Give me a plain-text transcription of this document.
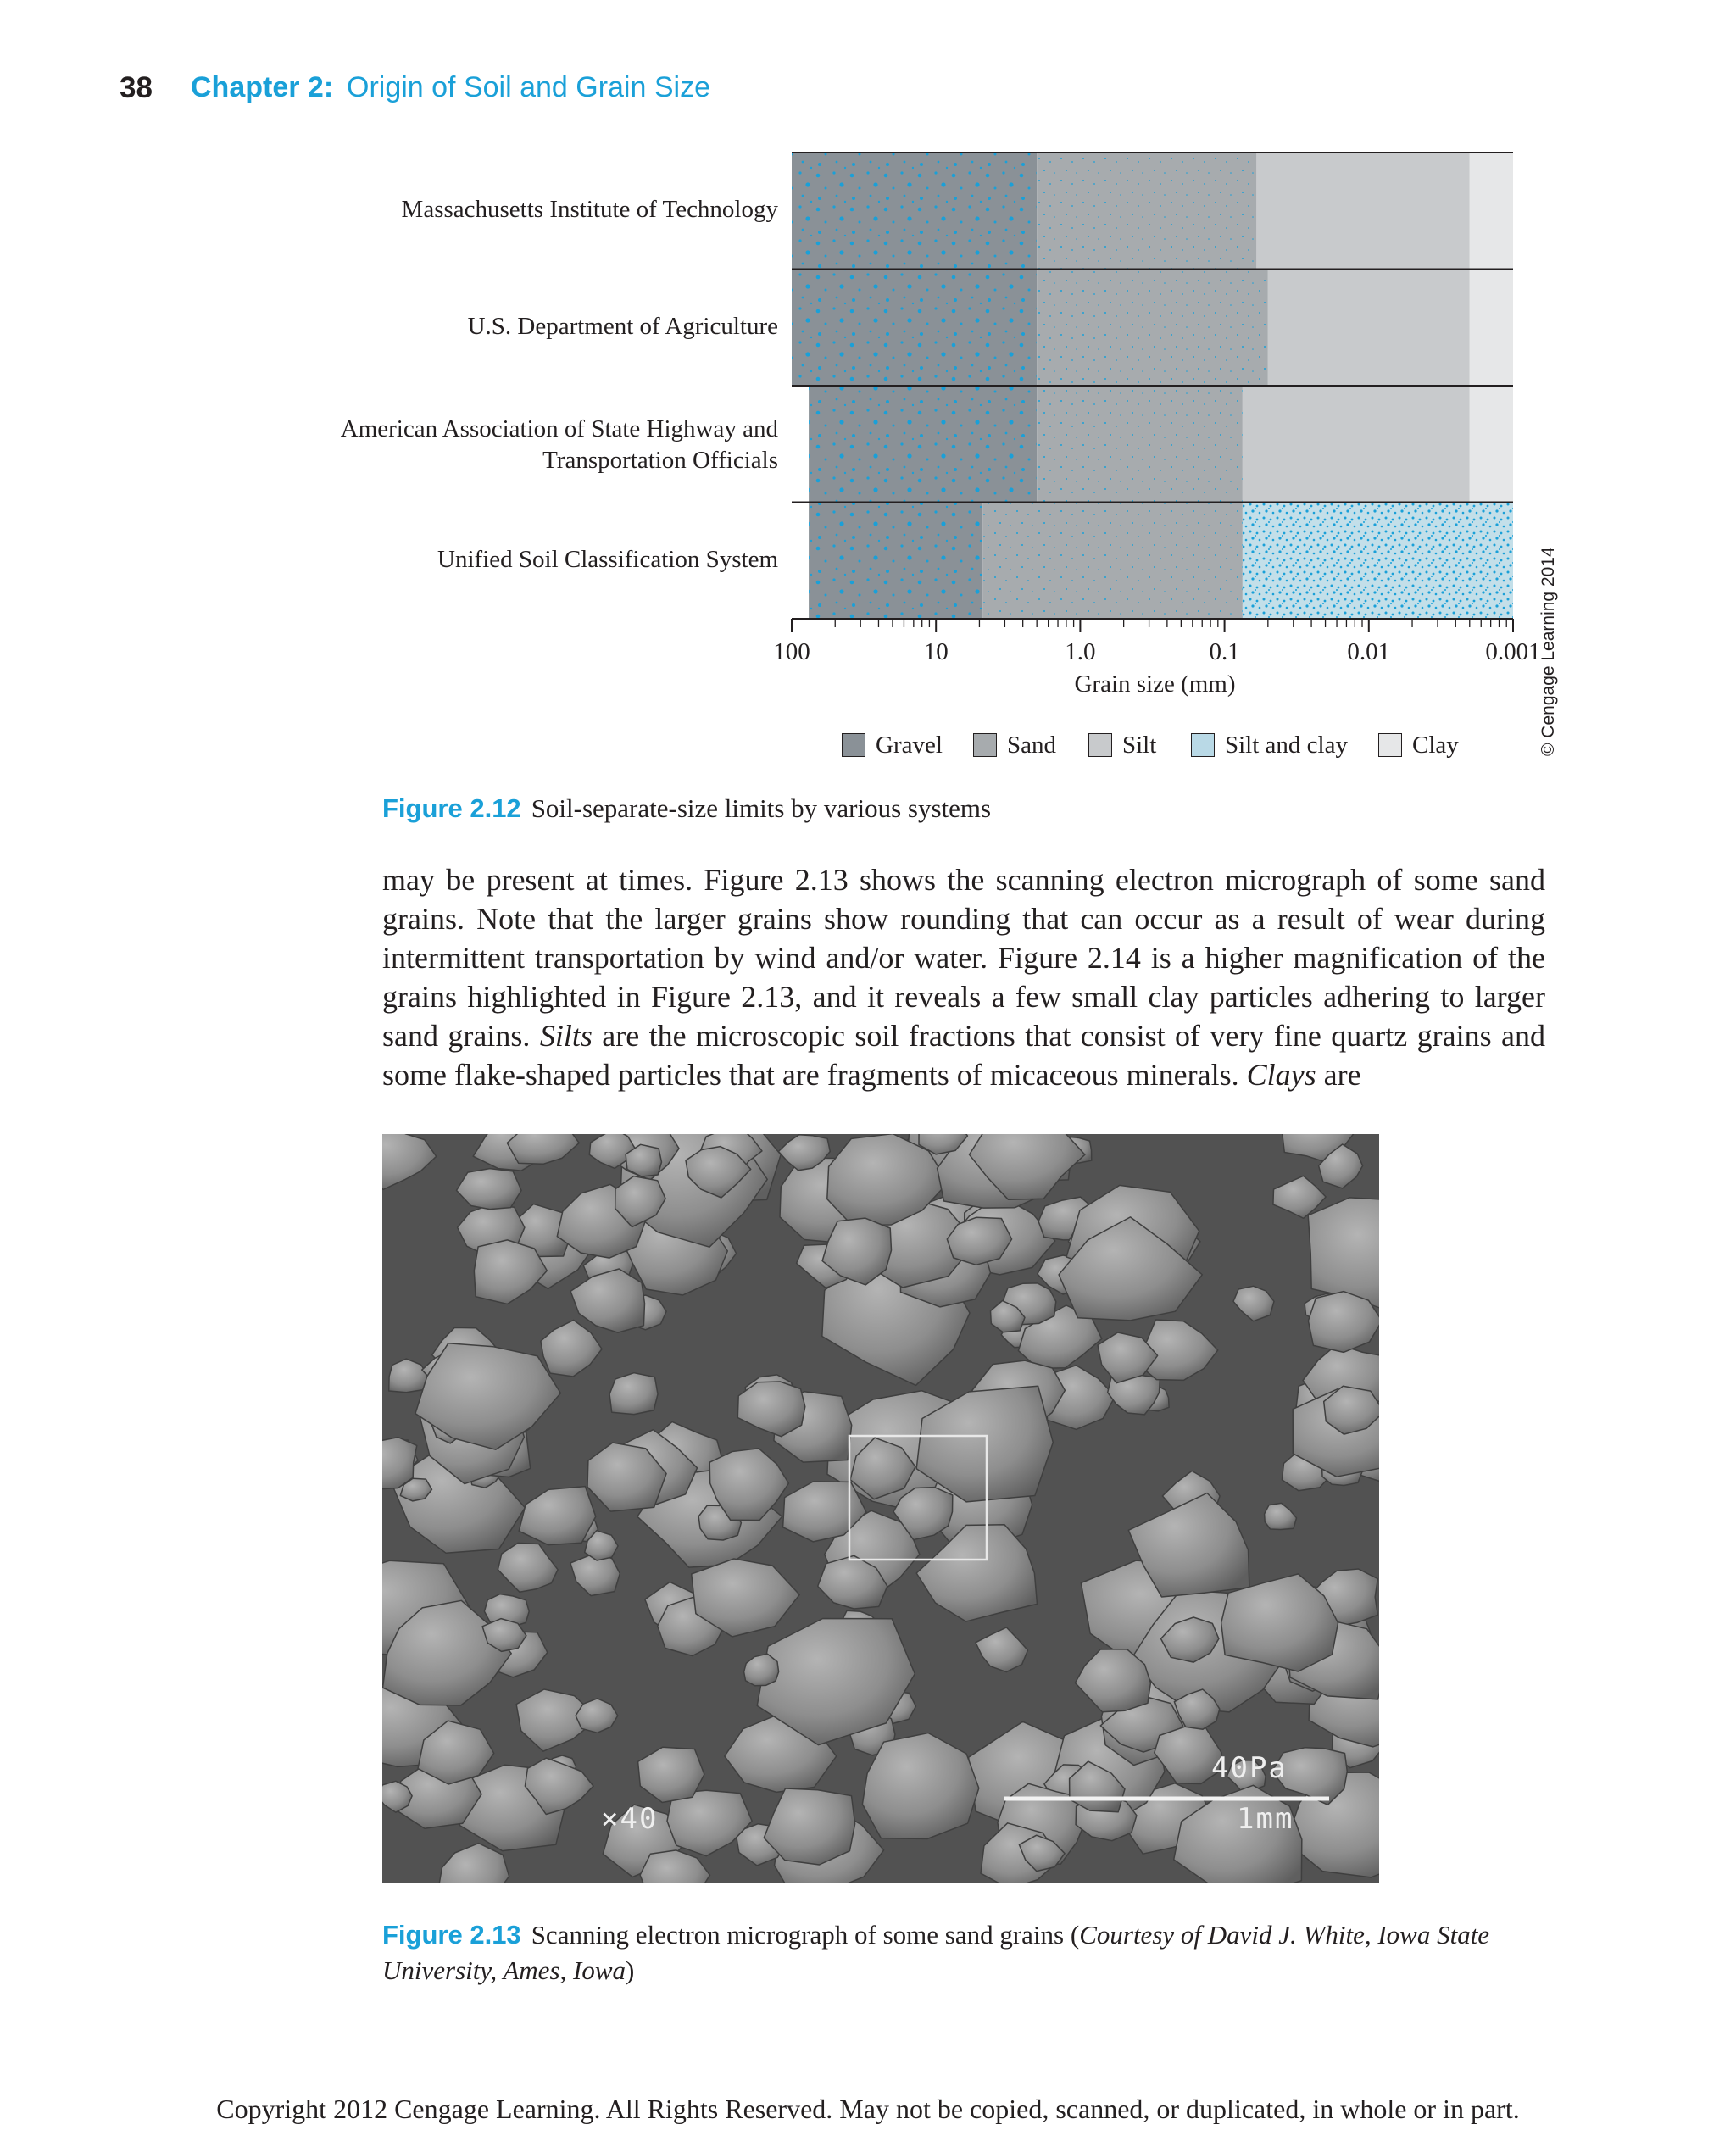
38 Chapter 2: Origin of Soil and Grain Size
100	10	1.0	0.1	0.01	0.001
Grain size (mm)
Massachusetts Institute of Technology
U.S. Department of Agriculture
American Association of State Highway and Transportation Officials
Unified Soil Classification System
Gravel	Sand	Silt	Silt and clay	Clay	© Cengage Learning 2014
Figure 2.12 Soil-separate-size limits by various systems
may be present at times. Figure 2.13 shows the scanning electron micrograph of some sand grains. Note that the larger grains show rounding that can occur as a result of wear during intermittent transportation by wind and/or water. Figure 2.14 is a higher magnification of the grains highlighted in Figure 2.13, and it reveals a few small clay particles adhering to larger sand grains. Silts are the microscopic soil fractions that consist of very fine quartz grains and some flake-shaped particles that are fragments of micaceous minerals. Clays are
×40
40Pa
1mm
Figure 2.13 Scanning electron micrograph of some sand grains (Courtesy of David J. White, Iowa State University, Ames, Iowa)
Copyright 2012 Cengage Learning. All Rights Reserved. May not be copied, scanned, or duplicated, in whole or in part.
